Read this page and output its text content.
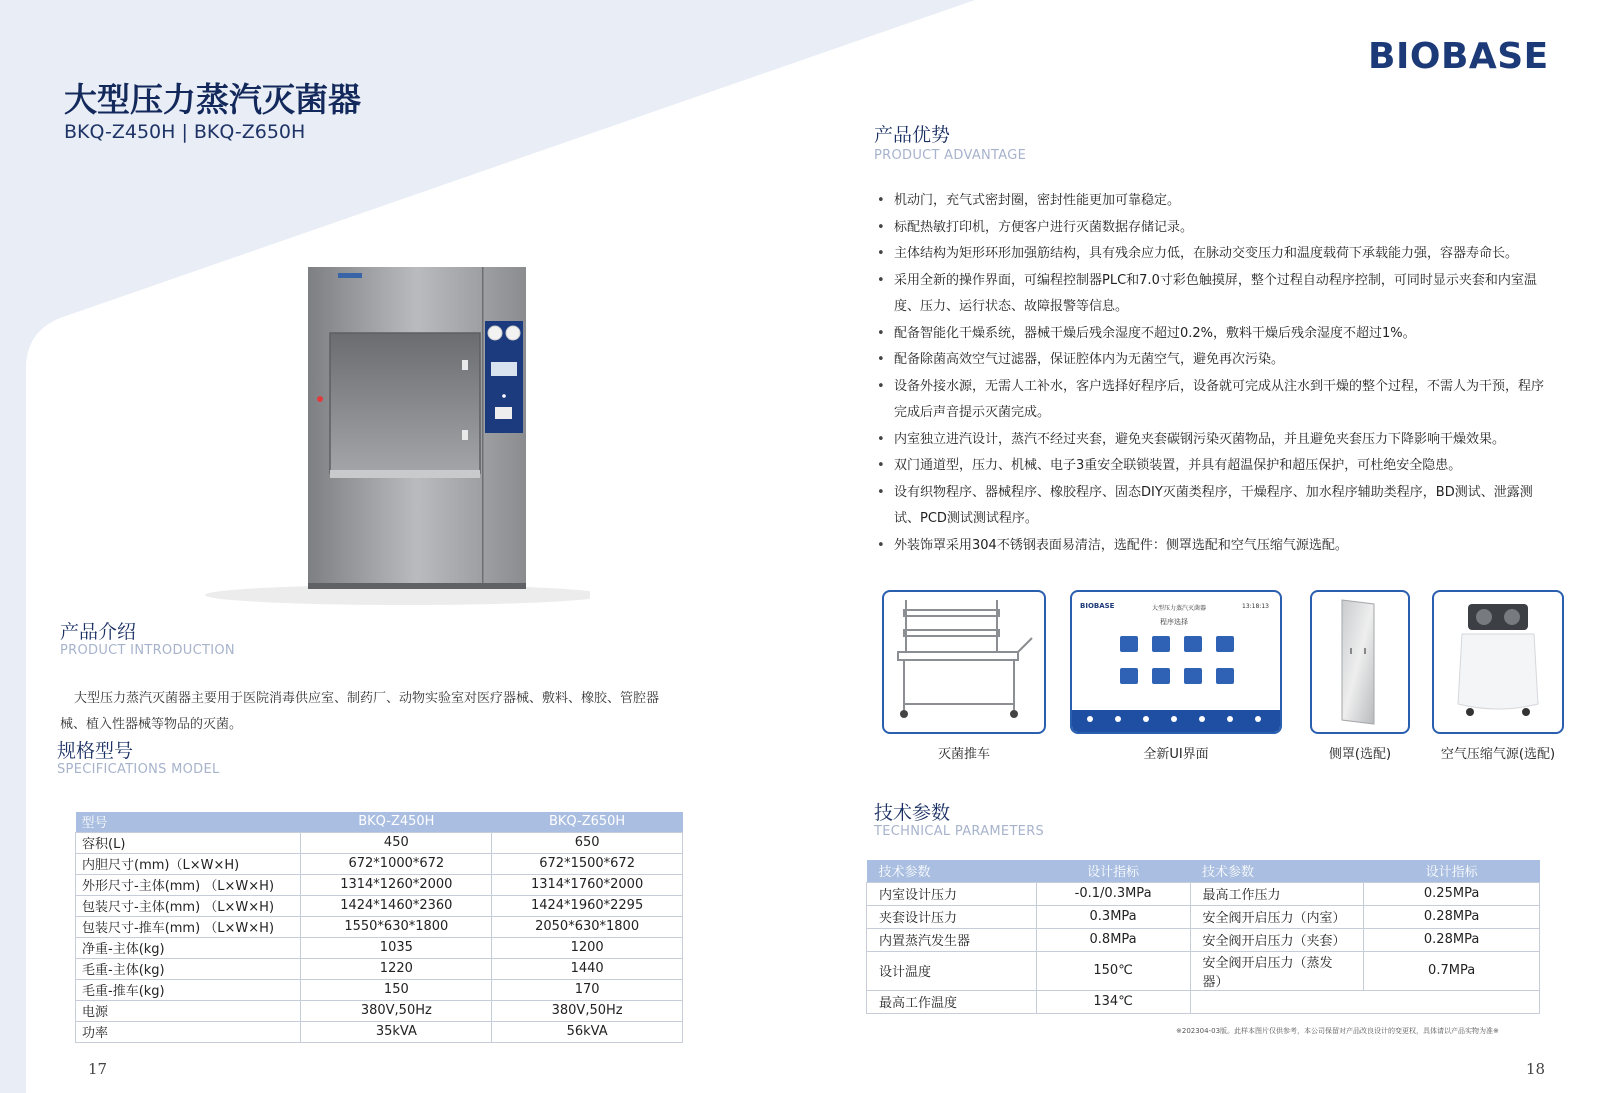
BIOBASE
大型压力蒸汽灭菌器
BKQ-Z450H | BKQ-Z650H
产品介绍
PRODUCT INTRODUCTION

大型压力蒸汽灭菌器主要用于医院消毒供应室、制药厂、动物实验室对医疗器械、敷料、橡胶、管腔器械、植入性器械等物品的灭菌。

规格型号
SPECIFICATIONS MODEL
型号	BKQ-Z450H	BKQ-Z650H
容积(L)	450	650
内胆尺寸(mm)（L×W×H)	672*1000*672	672*1500*672
外形尺寸-主体(mm) （L×W×H)	1314*1260*2000	1314*1760*2000
包装尺寸-主体(mm) （L×W×H)	1424*1460*2360	1424*1960*2295
包装尺寸-推车(mm) （L×W×H)	1550*630*1800	2050*630*1800
净重-主体(kg)	1035	1200
毛重-主体(kg)	1220	1440
毛重-推车(kg)	150	170
电源	380V,50Hz	380V,50Hz
功率	35kVA	56kVA
产品优势
PRODUCT ADVANTAGE
• 机动门，充气式密封圈，密封性能更加可靠稳定。
• 标配热敏打印机，方便客户进行灭菌数据存储记录。
• 主体结构为矩形环形加强筋结构，具有残余应力低，在脉动交变压力和温度载荷下承载能力强，容器寿命长。
• 采用全新的操作界面，可编程控制器PLC和7.0寸彩色触摸屏，整个过程自动程序控制，可同时显示夹套和内室温度、压力、运行状态、故障报警等信息。
• 配备智能化干燥系统，器械干燥后残余湿度不超过0.2%，敷料干燥后残余湿度不超过1%。
• 配备除菌高效空气过滤器，保证腔体内为无菌空气，避免再次污染。
• 设备外接水源，无需人工补水，客户选择好程序后，设备就可完成从注水到干燥的整个过程，不需人为干预，程序完成后声音提示灭菌完成。
• 内室独立进汽设计，蒸汽不经过夹套，避免夹套碳钢污染灭菌物品，并且避免夹套压力下降影响干燥效果。
• 双门通道型，压力、机械、电子3重安全联锁装置，并具有超温保护和超压保护，可杜绝安全隐患。
• 设有织物程序、器械程序、橡胶程序、固态DIY灭菌类程序，干燥程序、加水程序辅助类程序，BD测试、泄露测试、PCD测试测试程序。
• 外装饰罩采用304不锈钢表面易清洁，选配件：侧罩选配和空气压缩气源选配。
BIOBASE	大型压力蒸汽灭菌器	13:18:13
程序选择
灭菌推车	全新UI界面	侧罩(选配)	空气压缩气源(选配)
技术参数
TECHNICAL PARAMETERS
技术参数	设计指标	技术参数	设计指标
内室设计压力	-0.1/0.3MPa	最高工作压力	0.25MPa
夹套设计压力	0.3MPa	安全阀开启压力（内室）	0.28MPa
内置蒸汽发生器	0.8MPa	安全阀开启压力（夹套）	0.28MPa
设计温度	150℃	安全阀开启压力（蒸发器）	0.7MPa
最高工作温度	134℃		
※202304-03版。此样本图片仅供参考，本公司保留对产品改良设计的变更权，具体请以产品实物为准※
17	18
